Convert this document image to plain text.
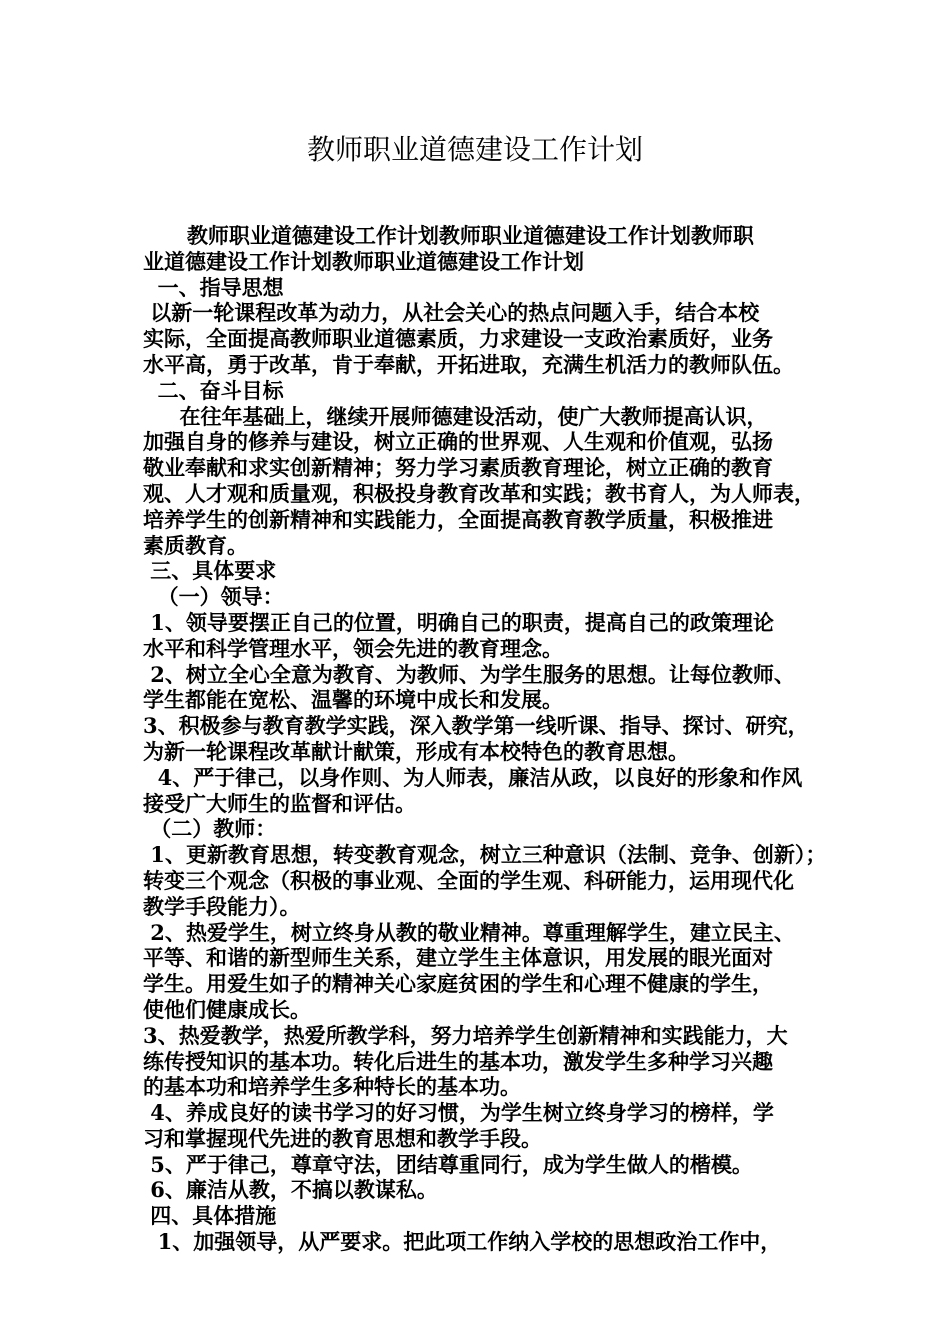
教师职业道德建设工作计划
教师职业道德建设工作计划教师职业道德建设工作计划教师职
业道德建设工作计划教师职业道德建设工作计划
一、指导思想
以新一轮课程改革为动力，从社会关心的热点问题入手，结合本校
实际，全面提高教师职业道德素质，力求建设一支政治素质好，业务
水平高，勇于改革，肯于奉献，开拓进取，充满生机活力的教师队伍。
二、奋斗目标
在往年基础上，继续开展师德建设活动，使广大教师提高认识，
加强自身的修养与建设，树立正确的世界观、人生观和价值观，弘扬
敬业奉献和求实创新精神；努力学习素质教育理论，树立正确的教育
观、人才观和质量观，积极投身教育改革和实践；教书育人，为人师表，
培养学生的创新精神和实践能力，全面提高教育教学质量，积极推进
素质教育。
三、具体要求
（一）领导：
1、领导要摆正自己的位置，明确自己的职责，提高自己的政策理论
水平和科学管理水平，领会先进的教育理念。
2、树立全心全意为教育、为教师、为学生服务的思想。让每位教师、
学生都能在宽松、温馨的环境中成长和发展。
3、积极参与教育教学实践，深入教学第一线听课、指导、探讨、研究，
为新一轮课程改革献计献策，形成有本校特色的教育思想。
4、严于律己，以身作则、为人师表，廉洁从政，以良好的形象和作风
接受广大师生的监督和评估。
（二）教师：
1、更新教育思想，转变教育观念，树立三种意识（法制、竞争、创新）；
转变三个观念（积极的事业观、全面的学生观、科研能力，运用现代化
教学手段能力）。
2、热爱学生，树立终身从教的敬业精神。尊重理解学生，建立民主、
平等、和谐的新型师生关系，建立学生主体意识，用发展的眼光面对
学生。用爱生如子的精神关心家庭贫困的学生和心理不健康的学生，
使他们健康成长。
3、热爱教学，热爱所教学科，努力培养学生创新精神和实践能力，大
练传授知识的基本功。转化后进生的基本功，激发学生多种学习兴趣
的基本功和培养学生多种特长的基本功。
4、养成良好的读书学习的好习惯，为学生树立终身学习的榜样，学
习和掌握现代先进的教育思想和教学手段。
5、严于律己，尊章守法，团结尊重同行，成为学生做人的楷模。
6、廉洁从教，不搞以教谋私。
四、具体措施
1、加强领导，从严要求。把此项工作纳入学校的思想政治工作中，
